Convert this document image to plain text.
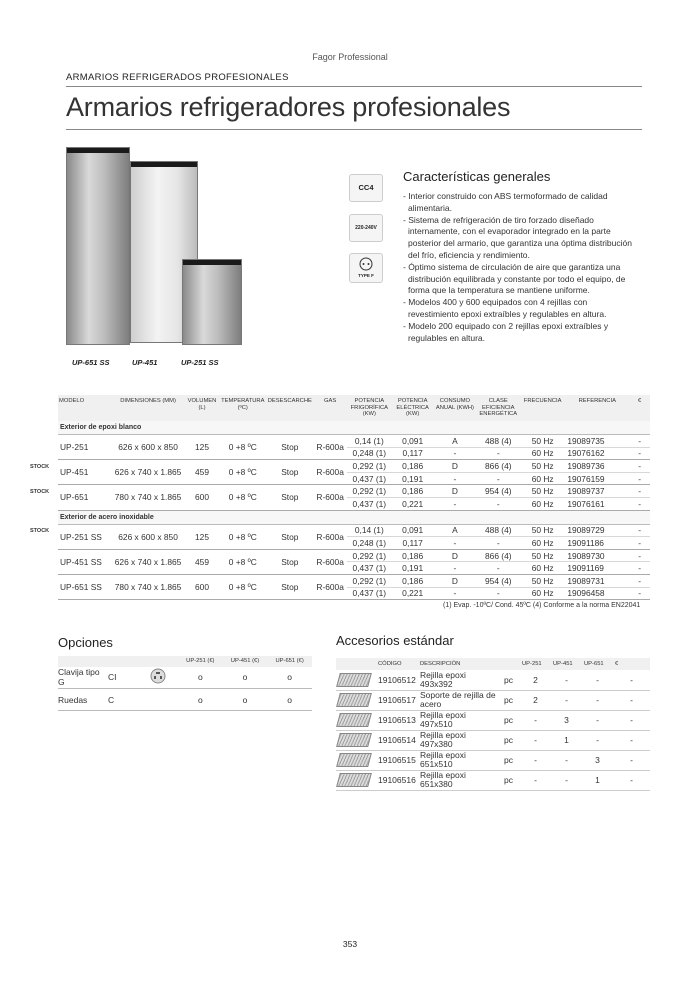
Fagor Professional
ARMARIOS REFRIGERADOS PROFESIONALES
Armarios refrigeradores profesionales
UP-651 SS	UP-451	UP-251 SS
CC4
220-240V
TYPE F
Características generales
- Interior construido con ABS termoformado de calidad alimentaria.
- Sistema de refrigeración de tiro forzado diseñado internamente, con el evaporador integrado en la parte posterior del armario, que garantiza una óptima distribución del frío, eficiencia y rendimiento.
- Óptimo sistema de circulación de aire que garantiza una distribución equilibrada y constante por todo el equipo, de forma que la temperatura se mantiene uniforme.
- Modelos 400 y 600 equipados con 4 rejillas con revestimiento epoxi extraíbles y regulables en altura.
- Modelo 200 equipado con 2 rejillas epoxi extraíbles y regulables en altura.
MODELO	DIMENSIONES (MM)	VOLUMEN (L)	TEMPERATURA (ºC)	DESESCARCHE	GAS	POTENCIA FRIGORÍFICA (KW)	POTENCIA ELÉCTRICA (KW)	CONSUMO ANUAL (KWH)	CLASE EFICIENCIA ENERGÉTICA	FRECUENCIA	REFERENCIA	€
Exterior de epoxi blanco												
UP-251	626 x 600 x 850	125	0 +8 ºC	Stop	R-600a	0,14 (1)	0,091	A	488 (4)	50 Hz	19089735	-
						0,248 (1)	0,117	-	-	60 Hz	19076162	-
UP-451	626 x 740 x 1.865	459	0 +8 ºC	Stop	R-600a	0,292 (1)	0,186	D	866 (4)	50 Hz	19089736	-
						0,437 (1)	0,191	-	-	60 Hz	19076159	-
UP-651	780 x 740 x 1.865	600	0 +8 ºC	Stop	R-600a	0,292 (1)	0,186	D	954 (4)	50 Hz	19089737	-
						0,437 (1)	0,221	-	-	60 Hz	19076161	-
Exterior de acero inoxidable												
UP-251 SS	626 x 600 x 850	125	0 +8 ºC	Stop	R-600a	0,14 (1)	0,091	A	488 (4)	50 Hz	19089729	-
						0,248 (1)	0,117	-	-	60 Hz	19091186	-
UP-451 SS	626 x 740 x 1.865	459	0 +8 ºC	Stop	R-600a	0,292 (1)	0,186	D	866 (4)	50 Hz	19089730	-
						0,437 (1)	0,191	-	-	60 Hz	19091169	-
UP-651 SS	780 x 740 x 1.865	600	0 +8 ºC	Stop	R-600a	0,292 (1)	0,186	D	954 (4)	50 Hz	19089731	-
						0,437 (1)	0,221	-	-	60 Hz	19096458	-
STOCK
STOCK
STOCK
(1) Evap. -10ºC/ Cond. 45ºC (4) Conforme a la norma EN22041
Opciones
			UP-251 (€)	UP-451 (€)	UP-651 (€)
Clavija tipo G	CI		o	o	o
Ruedas	C		o	o	o
Accesorios estándar
	CÓDIGO	DESCRIPCIÓN		UP-251	UP-451	UP-651	€

	19106512	Rejilla epoxi 493x392	pc	2	-	-	-

	19106517	Soporte de rejilla de acero	pc	2	-	-	-

	19106513	Rejilla epoxi 497x510	pc	-	3	-	-

	19106514	Rejilla epoxi 497x380	pc	-	1	-	-

	19106515	Rejilla epoxi 651x510	pc	-	-	3	-

	19106516	Rejilla epoxi 651x380	pc	-	-	1	-
353
